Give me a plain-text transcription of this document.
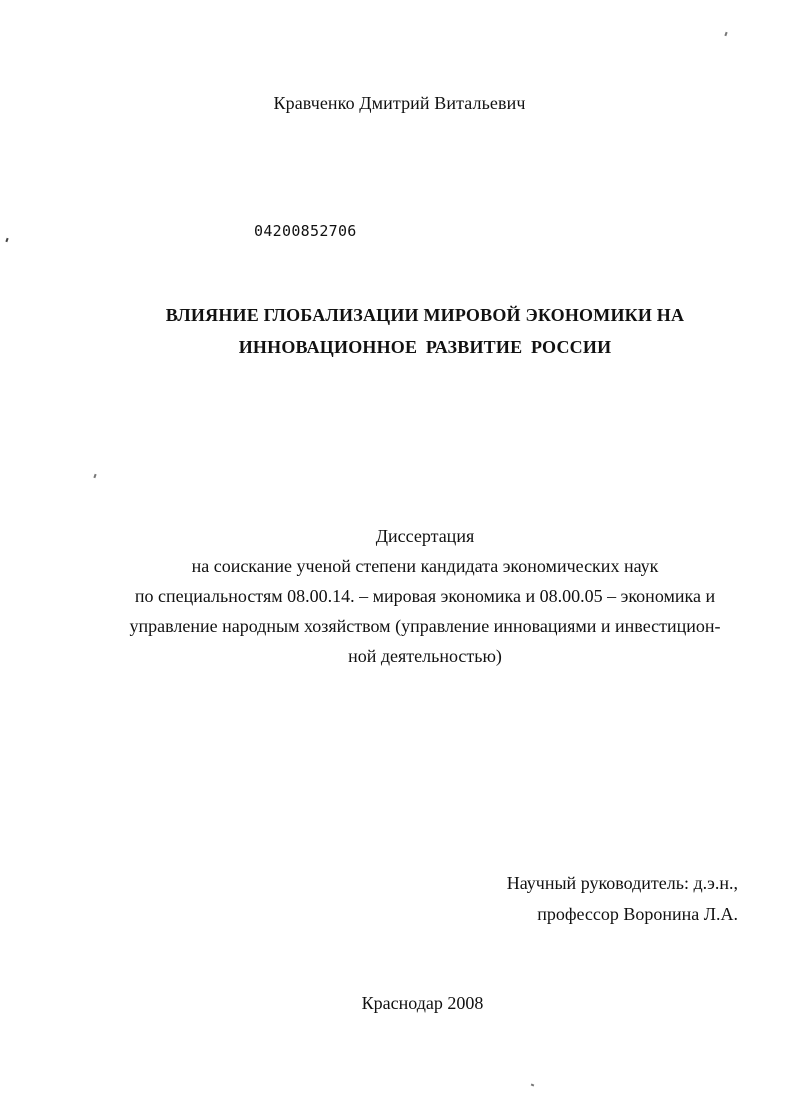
Кравченко Дмитрий Витальевич
04200852706
ВЛИЯНИЕ ГЛОБАЛИЗАЦИИ МИРОВОЙ ЭКОНОМИКИ НА
ИННОВАЦИОННОЕ РАЗВИТИЕ РОССИИ
Диссертация
на соискание ученой степени кандидата экономических наук
по специальностям 08.00.14. – мировая экономика и 08.00.05 – экономика и
управление народным хозяйством (управление инновациями и инвестицион-
ной деятельностью)
Научный руководитель: д.э.н.,
профессор Воронина Л.А.
Краснодар 2008
